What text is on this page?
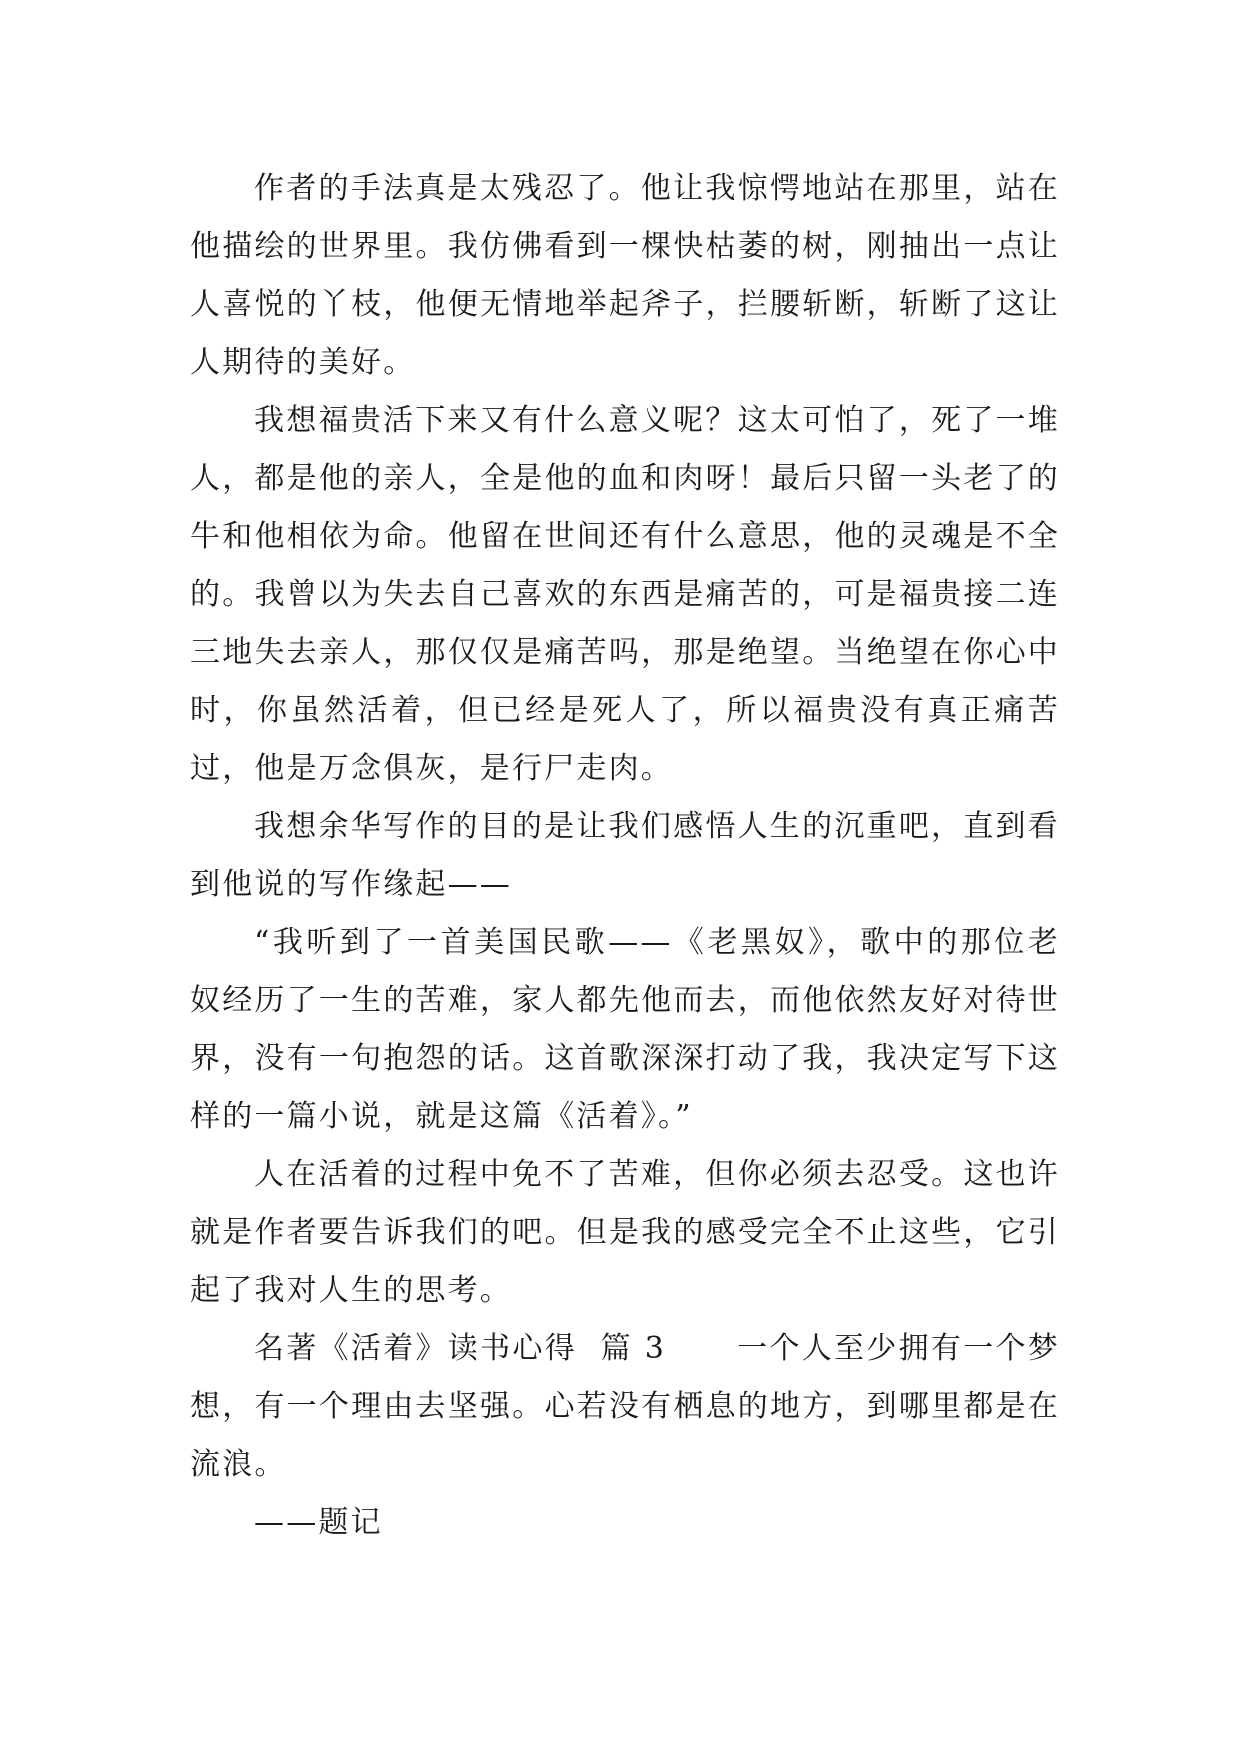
作者的手法真是太残忍了。他让我惊愕地站在那里，站在他描绘的世界里。我仿佛看到一棵快枯萎的树，刚抽出一点让人喜悦的丫枝，他便无情地举起斧子，拦腰斩断，斩断了这让人期待的美好。

我想福贵活下来又有什么意义呢？这太可怕了，死了一堆人，都是他的亲人，全是他的血和肉呀！最后只留一头老了的牛和他相依为命。他留在世间还有什么意思，他的灵魂是不全的。我曾以为失去自己喜欢的东西是痛苦的，可是福贵接二连三地失去亲人，那仅仅是痛苦吗，那是绝望。当绝望在你心中时，你虽然活着，但已经是死人了，所以福贵没有真正痛苦过，他是万念俱灰，是行尸走肉。

我想余华写作的目的是让我们感悟人生的沉重吧，直到看到他说的写作缘起——

“我听到了一首美国民歌——《老黑奴》，歌中的那位老奴经历了一生的苦难，家人都先他而去，而他依然友好对待世界，没有一句抱怨的话。这首歌深深打动了我，我决定写下这样的一篇小说，就是这篇《活着》。”

人在活着的过程中免不了苦难，但你必须去忍受。这也许就是作者要告诉我们的吧。但是我的感受完全不止这些，它引起了我对人生的思考。

名著《活着》读书心得  篇 3      一个人至少拥有一个梦想，有一个理由去坚强。心若没有栖息的地方，到哪里都是在流浪。

——题记
